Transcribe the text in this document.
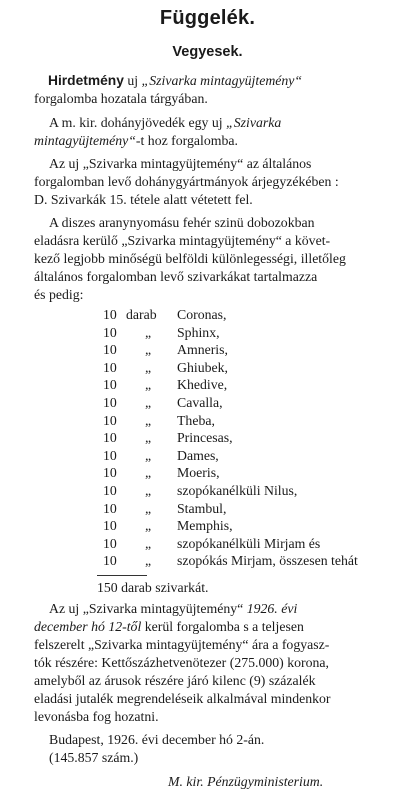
Függelék.
Vegyesek.
Hirdetmény uj „Szivarka mintagyüjtemény“
forgalomba hozatala tárgyában.
A m. kir. dohányjövedék egy uj „Szivarka
mintagyüjtemény“-t hoz forgalomba.
Az uj „Szivarka mintagyüjtemény“ az általános
forgalomban levő dohánygyártmányok árjegyzékében :
D. Szivarkák 15. tétele alatt vétetett fel.
A diszes aranynyomásu fehér szinü dobozokban
eladásra kerülő „Szivarka mintagyüjtemény“ a követ-
kező legjobb minőségü belföldi különlegességi, illetőleg
általános forgalomban levő szivarkákat tartalmazza
és pedig:
10 darab Coronas,
10 „ Sphinx,
10 „ Amneris,
10 „ Ghiubek,
10 „ Khedive,
10 „ Cavalla,
10 „ Theba,
10 „ Princesas,
10 „ Dames,
10 „ Moeris,
10 „ szopókanélküli Nilus,
10 „ Stambul,
10 „ Memphis,
10 „ szopókanélküli Mirjam és
10 „ szopókás Mirjam, összesen tehát
150 darab szivarkát.
Az uj „Szivarka mintagyüjtemény“ 1926. évi
december hó 12-től kerül forgalomba s a teljesen
felszerelt „Szivarka mintagyüjtemény“ ára a fogyasz-
tók részére: Kettőszázhetvenötezer (275.000) korona,
amelyből az árusok részére járó kilenc (9) százalék
eladási jutalék megrendeléseik alkalmával mindenkor
levonásba fog hozatni.
Budapest, 1926. évi december hó 2-án.
(145.857 szám.)
M. kir. Pénzügyministerium.
